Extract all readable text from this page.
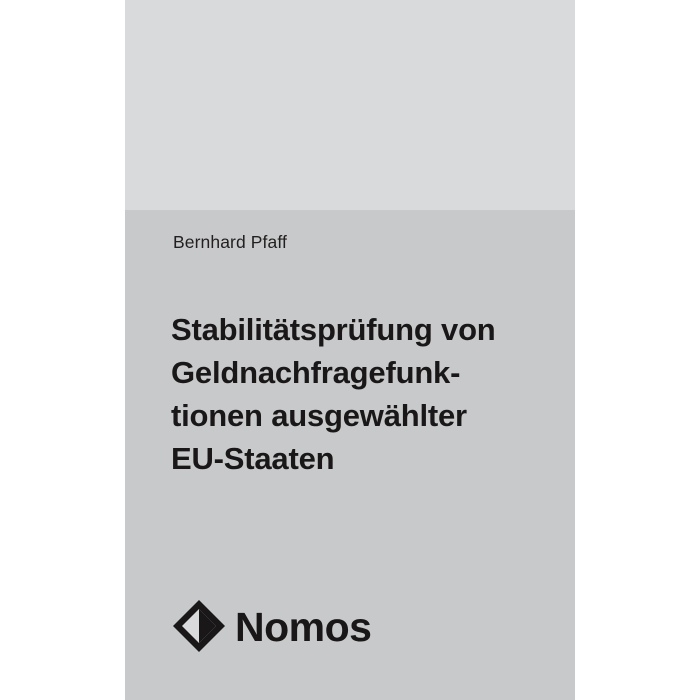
Bernhard Pfaff
Stabilitätsprüfung von
Geldnachfragefunk-
tionen ausgewählter
EU-Staaten
Nomos
